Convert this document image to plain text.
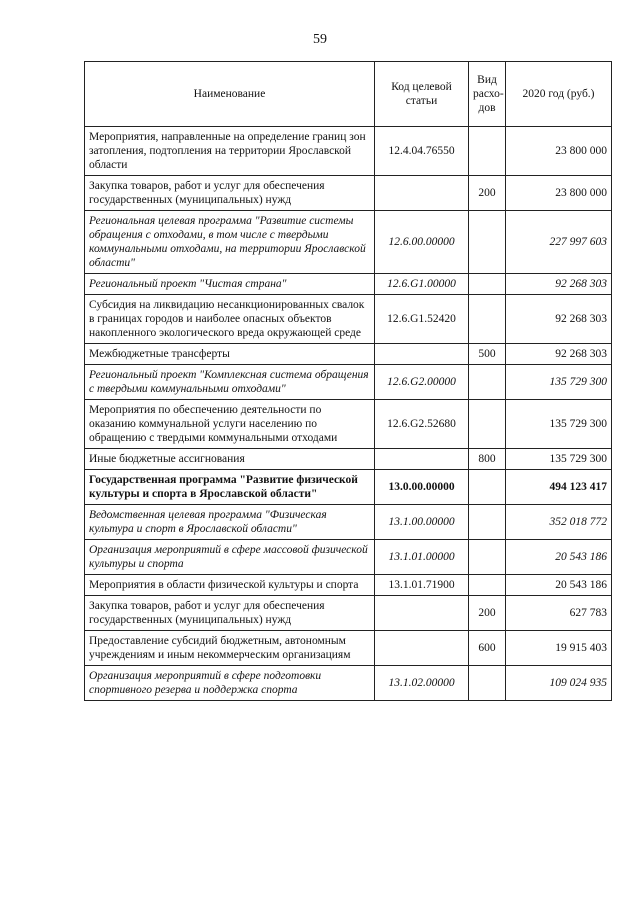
59
Наименование	Код целевой статьи	Вид расхо-дов	2020 год (руб.)
Мероприятия, направленные на определение границ зон затопления, подтопления на территории Ярославской области	12.4.04.76550		23 800 000
Закупка товаров, работ и услуг для обеспечения государственных (муниципальных) нужд		200	23 800 000
Региональная целевая программа "Развитие системы обращения с отходами, в том числе с твердыми коммунальными отходами, на территории Ярославской области"	12.6.00.00000		227 997 603
Региональный проект "Чистая страна"	12.6.G1.00000		92 268 303
Субсидия на ликвидацию несанкционированных свалок в границах городов и наиболее опасных объектов накопленного экологического вреда окружающей среде	12.6.G1.52420		92 268 303
Межбюджетные трансферты		500	92 268 303
Региональный проект "Комплексная система обращения с твердыми коммунальными отходами"	12.6.G2.00000		135 729 300
Мероприятия по обеспечению деятельности по оказанию коммунальной услуги населению по обращению с твердыми коммунальными отходами	12.6.G2.52680		135 729 300
Иные бюджетные ассигнования		800	135 729 300
Государственная программа "Развитие физической культуры и спорта в Ярославской области"	13.0.00.00000		494 123 417
Ведомственная целевая программа "Физическая культура и спорт в Ярославской области"	13.1.00.00000		352 018 772
Организация мероприятий в сфере массовой физической культуры и спорта	13.1.01.00000		20 543 186
Мероприятия в области физической культуры и спорта	13.1.01.71900		20 543 186
Закупка товаров, работ и услуг для обеспечения государственных (муниципальных) нужд		200	627 783
Предоставление субсидий бюджетным, автономным учреждениям и иным некоммерческим организациям		600	19 915 403
Организация мероприятий в сфере подготовки спортивного резерва и поддержка спорта	13.1.02.00000		109 024 935
